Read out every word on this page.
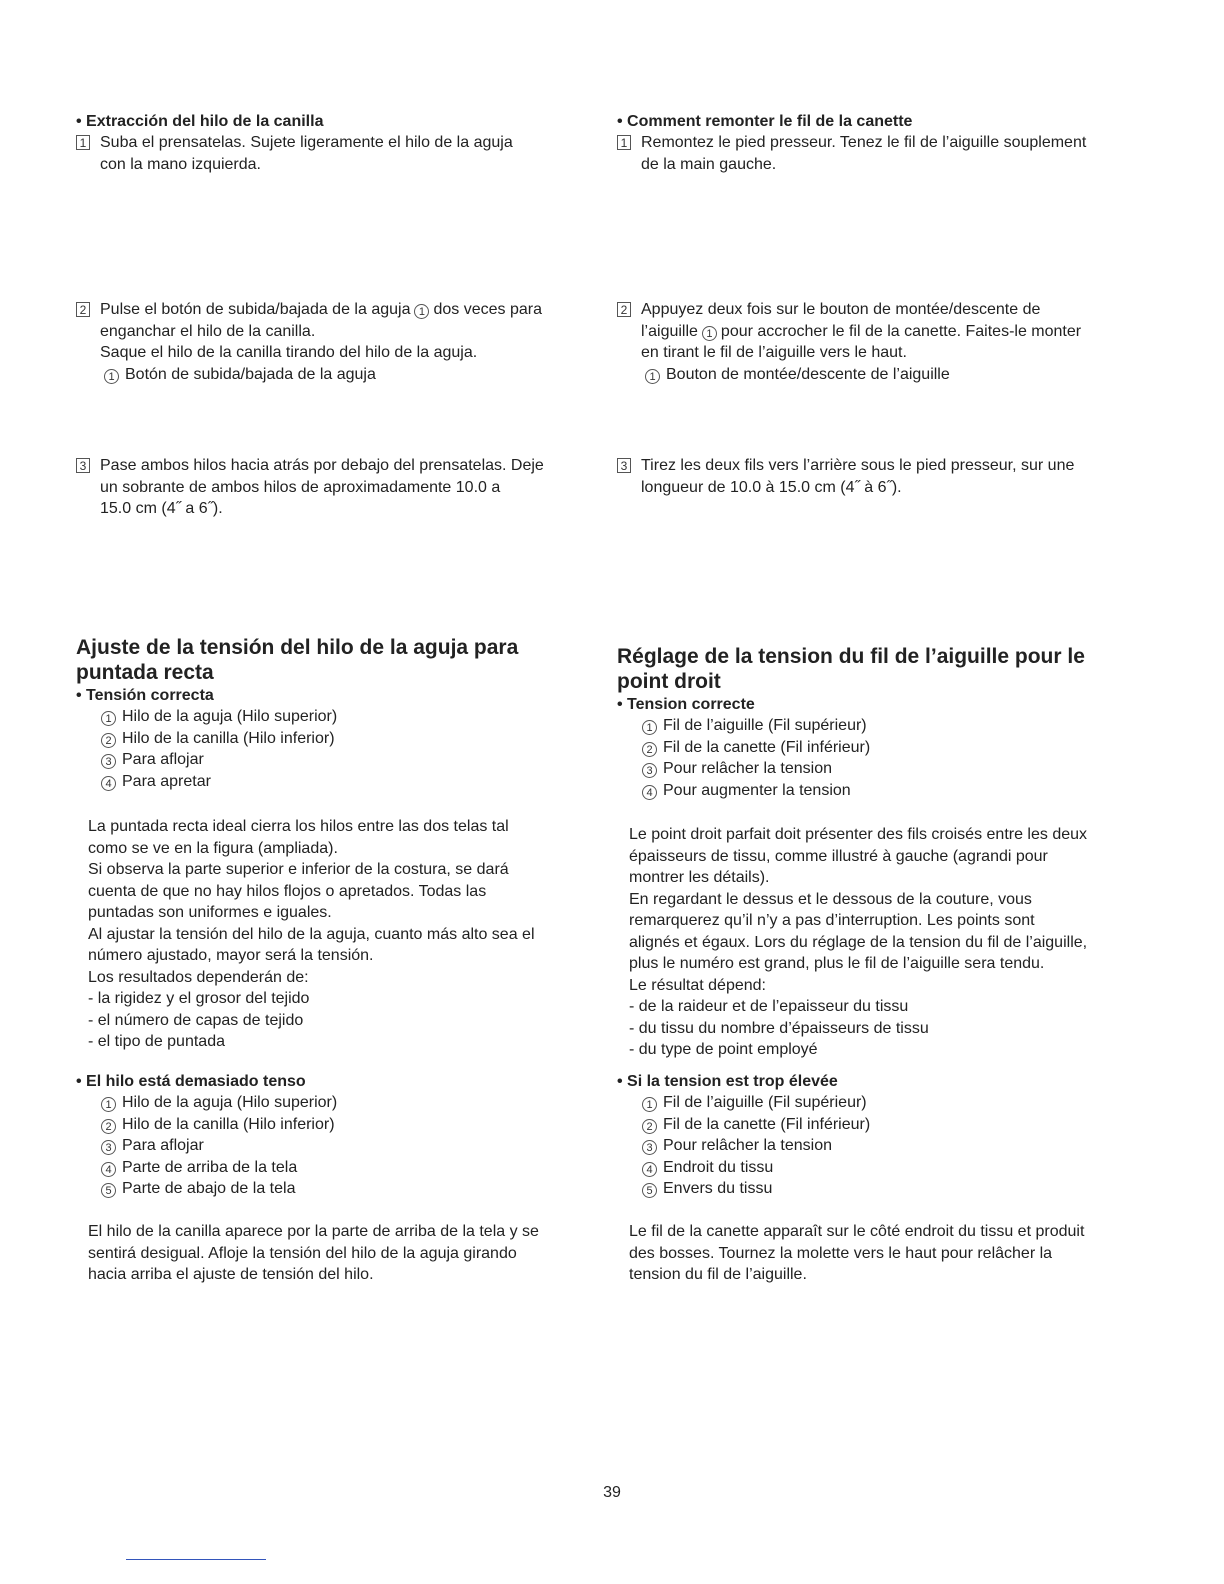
• Extracción del hilo de la canilla
1 Suba el prensatelas. Sujete ligeramente el hilo de la aguja
con la mano izquierda.
2 Pulse el botón de subida/bajada de la aguja 1 dos veces para
enganchar el hilo de la canilla.
Saque el hilo de la canilla tirando del hilo de la aguja.
1 Botón de subida/bajada de la aguja
3 Pase ambos hilos hacia atrás por debajo del prensatelas. Deje
un sobrante de ambos hilos de aproximadamente 10.0 a
15.0 cm (4˝ a 6˝).
Ajuste de la tensión del hilo de la aguja para
puntada recta
• Tensión correcta
1 Hilo de la aguja (Hilo superior)
2 Hilo de la canilla (Hilo inferior)
3 Para aflojar
4 Para apretar
La puntada recta ideal cierra los hilos entre las dos telas tal
como se ve en la figura (ampliada).
Si observa la parte superior e inferior de la costura, se dará
cuenta de que no hay hilos flojos o apretados. Todas las
puntadas son uniformes e iguales.
Al ajustar la tensión del hilo de la aguja, cuanto más alto sea el
número ajustado, mayor será la tensión.
Los resultados dependerán de:
- la rigidez y el grosor del tejido
- el número de capas de tejido
- el tipo de puntada
• El hilo está demasiado tenso
1 Hilo de la aguja (Hilo superior)
2 Hilo de la canilla (Hilo inferior)
3 Para aflojar
4 Parte de arriba de la tela
5 Parte de abajo de la tela
El hilo de la canilla aparece por la parte de arriba de la tela y se
sentirá desigual. Afloje la tensión del hilo de la aguja girando
hacia arriba el ajuste de tensión del hilo.
• Comment remonter le fil de la canette
1 Remontez le pied presseur. Tenez le fil de l’aiguille souplement
de la main gauche.
2 Appuyez deux fois sur le bouton de montée/descente de
l’aiguille 1 pour accrocher le fil de la canette. Faites-le monter
en tirant le fil de l’aiguille vers le haut.
1 Bouton de montée/descente de l’aiguille
3 Tirez les deux fils vers l’arrière sous le pied presseur, sur une
longueur de 10.0 à 15.0 cm (4˝ à 6˝).
Réglage de la tension du fil de l’aiguille pour le
point droit
• Tension correcte
1 Fil de l’aiguille (Fil supérieur)
2 Fil de la canette (Fil inférieur)
3 Pour relâcher la tension
4 Pour augmenter la tension
Le point droit parfait doit présenter des fils croisés entre les deux
épaisseurs de tissu, comme illustré à gauche (agrandi pour
montrer les détails).
En regardant le dessus et le dessous de la couture, vous
remarquerez qu’il n’y a pas d’interruption. Les points sont
alignés et égaux. Lors du réglage de la tension du fil de l’aiguille,
plus le numéro est grand, plus le fil de l’aiguille sera tendu.
Le résultat dépend:
- de la raideur et de l’epaisseur du tissu
- du tissu du nombre d’épaisseurs de tissu
- du type de point employé
• Si la tension est trop élevée
1 Fil de l’aiguille (Fil supérieur)
2 Fil de la canette (Fil inférieur)
3 Pour relâcher la tension
4 Endroit du tissu
5 Envers du tissu
Le fil de la canette apparaît sur le côté endroit du tissu et produit
des bosses. Tournez la molette vers le haut pour relâcher la
tension du fil de l’aiguille.
39
